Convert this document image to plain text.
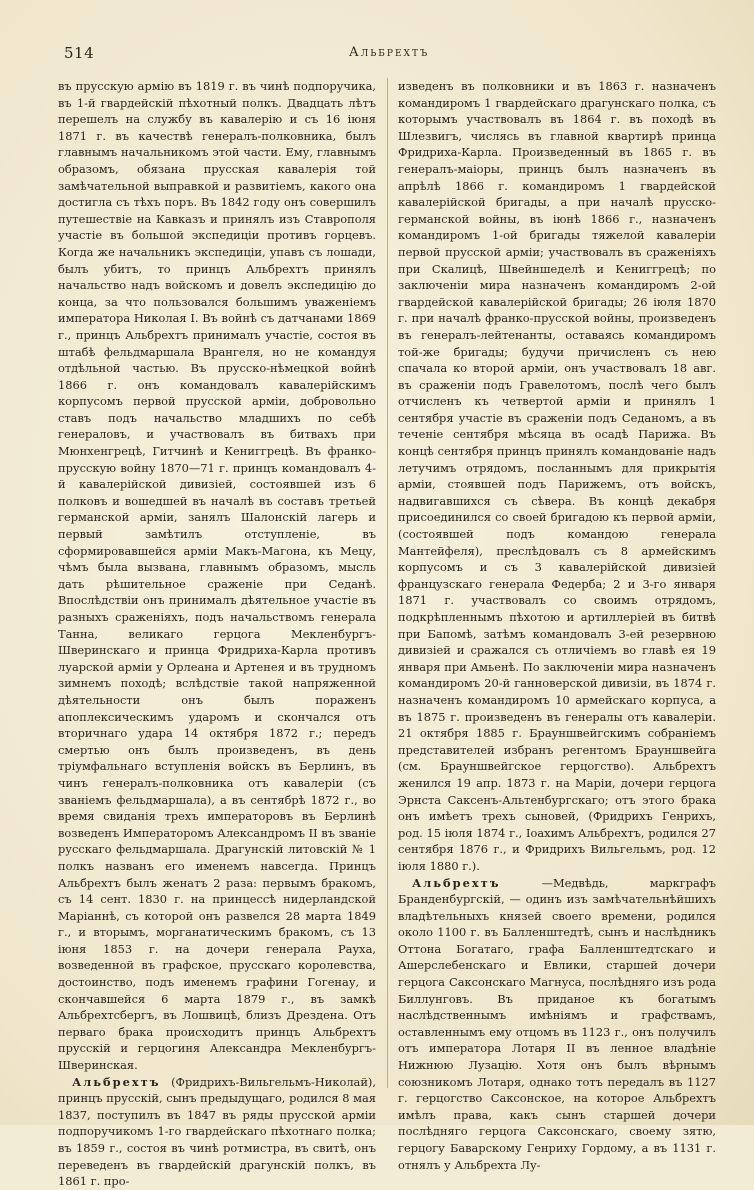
514	Альбрехтъ

въ прусскую армію въ 1819 г. въ чинѣ подпоручика, въ 1-й гвардейскій пѣхотный полкъ. Двадцать лѣтъ перешелъ на службу въ кавалерію и съ 16 іюня 1871 г. въ качествѣ генералъ-полковника, былъ главнымъ начальникомъ этой части. Ему, главнымъ образомъ, обязана прусская кавалерія той замѣчательной выправкой и развитіемъ, какого она достигла съ тѣхъ поръ. Въ 1842 году онъ совершилъ путешествіе на Кавказъ и принялъ изъ Ставрополя участіе въ большой экспедиціи противъ горцевъ. Когда же начальникъ экспедиціи, упавъ съ лошади, былъ убитъ, то принцъ Альбрехтъ принялъ начальство надъ войскомъ и довелъ экспедицію до конца, за что пользовался большимъ уваженіемъ императора Николая I. Въ войнѣ съ датчанами 1869 г., принцъ Альбрехтъ принималъ участіе, состоя въ штабѣ фельдмаршала Врангеля, но не командуя отдѣльной частью. Въ прусско-нѣмецкой войнѣ 1866 г. онъ командовалъ кавалерійскимъ корпусомъ первой прусской арміи, добровольно ставъ подъ начальство младшихъ по себѣ генераловъ, и участвовалъ въ битвахъ при Мюнхенгрецѣ, Гитчинѣ и Кениггрецѣ. Въ франко-прусскую войну 1870—71 г. принцъ командовалъ 4-й кавалерійской дивизіей, состоявшей изъ 6 полковъ и вошедшей въ началѣ въ составъ третьей германской арміи, занялъ Шалонскій лагерь и первый замѣтилъ отступленіе, въ сформировавшейся арміи Макъ-Магона, къ Мецу, чѣмъ была вызвана, главнымъ образомъ, мысль дать рѣшительное сраженіе при Седанѣ. Впослѣдствіи онъ принималъ дѣятельное участіе въ разныхъ сраженіяхъ, подъ начальствомъ генерала Танна, великаго герцога Мекленбургъ-Шверинскаго и принца Фридриха-Карла противъ луарской арміи у Орлеана и Артенея и въ трудномъ зимнемъ походѣ; вслѣдствіе такой напряженной дѣятельности онъ былъ пораженъ апоплексическимъ ударомъ и скончался отъ вторичнаго удара 14 октября 1872 г.; передъ смертью онъ былъ произведенъ, въ день тріумфальнаго вступленія войскъ въ Берлинъ, въ чинъ генералъ-полковника отъ кавалеріи (съ званіемъ фельдмаршала), а въ сентябрѣ 1872 г., во время свиданія трехъ императоровъ въ Берлинѣ возведенъ Императоромъ Александромъ II въ званіе русскаго фельдмаршала. Драгунскій литовскій № 1 полкъ названъ его именемъ навсегда. Принцъ Альбрехтъ былъ женатъ 2 раза: первымъ бракомъ, съ 14 сент. 1830 г. на принцессѣ нидерландской Маріаннѣ, съ которой онъ развелся 28 марта 1849 г., и вторымъ, морганатическимъ бракомъ, съ 13 іюня 1853 г. на дочери генерала Рауха, возведенной въ графское, прусскаго королевства, достоинство, подъ именемъ графини Гогенау, и скончавшейся 6 марта 1879 г., въ замкѣ Альбрехтсбергъ, въ Лошвицѣ, близъ Дрездена. Отъ перваго брака происходитъ принцъ Альбрехтъ прусскій и герцогиня Александра Мекленбургъ-Шверинская.

Альбрехтъ (Фридрихъ-Вильгельмъ-Николай), принцъ прусскій, сынъ предыдущаго, родился 8 мая 1837, поступилъ въ 1847 въ ряды прусской арміи подпоручикомъ 1-го гвардейскаго пѣхотнаго полка; въ 1859 г., состоя въ чинѣ ротмистра, въ свитѣ, онъ переведенъ въ гвардейскій драгунскій полкъ, въ 1861 г. про-

изведенъ въ полковники и въ 1863 г. назначенъ командиромъ 1 гвардейскаго драгунскаго полка, съ которымъ участвовалъ въ 1864 г. въ походѣ въ Шлезвигъ, числясь въ главной квартирѣ принца Фридриха-Карла. Произведенный въ 1865 г. въ генералъ-маіоры, принцъ былъ назначенъ въ апрѣлѣ 1866 г. командиромъ 1 гвардейской кавалерійской бригады, а при началѣ прусско-германской войны, въ іюнѣ 1866 г., назначенъ командиромъ 1-ой бригады тяжелой кавалеріи первой прусской арміи; участвовалъ въ сраженіяхъ при Скалицѣ, Швейншеделѣ и Кениггрецѣ; по заключеніи мира назначенъ командиромъ 2-ой гвардейской кавалерійской бригады; 26 іюля 1870 г. при началѣ франко-прусской войны, произведенъ въ генералъ-лейтенанты, оставаясь командиромъ той-же бригады; будучи причисленъ съ нею спачала ко второй арміи, онъ участвовалъ 18 авг. въ сраженіи подъ Гравелотомъ, послѣ чего былъ отчисленъ къ четвертой арміи и принялъ 1 сентября участіе въ сраженіи подъ Седаномъ, а въ теченіе сентября мѣсяца въ осадѣ Парижа. Въ концѣ сентября принцъ принялъ командованіе надъ летучимъ отрядомъ, посланнымъ для прикрытія арміи, стоявшей подъ Парижемъ, отъ войскъ, надвигавшихся съ сѣвера. Въ концѣ декабря присоединился со своей бригадою къ первой арміи, (состоявшей подъ командою генерала Мантейфеля), преслѣдовалъ съ 8 армейскимъ корпусомъ и съ 3 кавалерійской дивизіей французскаго генерала Федерба; 2 и 3-го января 1871 г. участвовалъ со своимъ отрядомъ, подкрѣпленнымъ пѣхотою и артиллеріей въ битвѣ при Бапомѣ, затѣмъ командовалъ 3-ей резервною дивизіей и сражался съ отличіемъ во главѣ ея 19 января при Амьенѣ. По заключеніи мира назначенъ командиромъ 20-й ганноверской дивизіи, въ 1874 г. назначенъ командиромъ 10 армейскаго корпуса, а въ 1875 г. произведенъ въ генералы отъ кавалеріи. 21 октября 1885 г. Брауншвейгскимъ собраніемъ представителей избранъ регентомъ Брауншвейга (см. Брауншвейгское герцогство). Альбрехтъ женился 19 апр. 1873 г. на Маріи, дочери герцога Эрнста Саксенъ-Альтенбургскаго; отъ этого брака онъ имѣетъ трехъ сыновей, (Фридрихъ Генрихъ, род. 15 іюля 1874 г., Іоахимъ Альбрехтъ, родился 27 сентября 1876 г., и Фридрихъ Вильгельмъ, род. 12 іюля 1880 г.).

Альбрехтъ	—Медвѣдь, маркграфъ Бранденбургскій, — одинъ изъ замѣчательнѣйшихъ владѣтельныхъ князей своего времени, родился около 1100 г. въ Балленштедтѣ, сынъ и наслѣдникъ Оттона Богатаго, графа Балленштедтскаго и Ашерслебенскаго и Eвлики, старшей дочери герцога Саксонскаго Магнуса, послѣдняго изъ рода Биллунговъ. Въ приданое къ богатымъ наслѣдственнымъ имѣніямъ и графствамъ, оставленнымъ ему отцомъ въ 1123 г., онъ получилъ отъ императора Лотаря II въ ленное владѣніе Нижнюю Лузацію. Хотя онъ былъ вѣрнымъ союзникомъ Лотаря, однако тотъ передалъ въ 1127 г. герцогство Саксонское, на которое Альбрехтъ имѣлъ права, какъ сынъ старшей дочери послѣдняго герцога Саксонскаго, своему зятю, герцогу Баварскому Генриху Гордому, а въ 1131 г. отнялъ у Альбрехта Лу-
